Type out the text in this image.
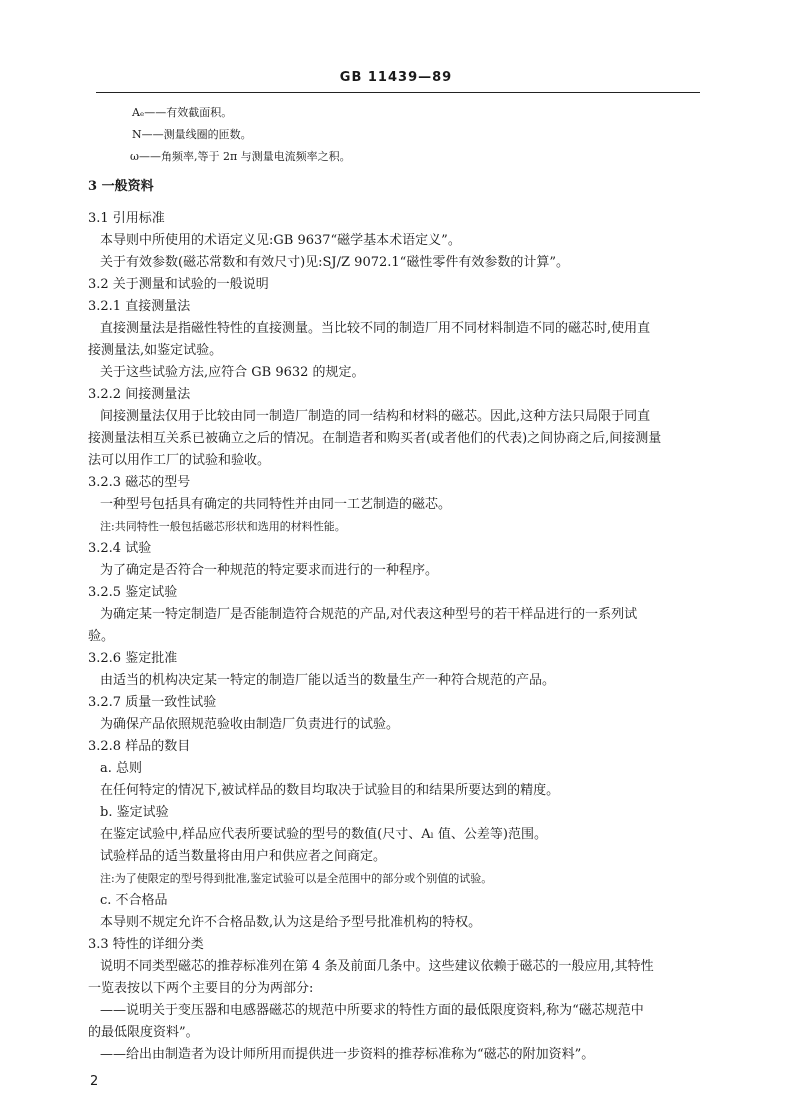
GB 11439—89
Aₑ——有效截面积。
N——测量线圈的匝数。
ω——角频率,等于 2π 与测量电流频率之积。
3 一般资料
3.1 引用标准
本导则中所使用的术语定义见:GB 9637“磁学基本术语定义”。
关于有效参数(磁芯常数和有效尺寸)见:SJ/Z 9072.1“磁性零件有效参数的计算”。
3.2 关于测量和试验的一般说明
3.2.1 直接测量法
直接测量法是指磁性特性的直接测量。当比较不同的制造厂用不同材料制造不同的磁芯时,使用直
接测量法,如鉴定试验。
关于这些试验方法,应符合 GB 9632 的规定。
3.2.2 间接测量法
间接测量法仅用于比较由同一制造厂制造的同一结构和材料的磁芯。因此,这种方法只局限于同直
接测量法相互关系已被确立之后的情况。在制造者和购买者(或者他们的代表)之间协商之后,间接测量
法可以用作工厂的试验和验收。
3.2.3 磁芯的型号
一种型号包括具有确定的共同特性并由同一工艺制造的磁芯。
注:共同特性一般包括磁芯形状和选用的材料性能。
3.2.4 试验
为了确定是否符合一种规范的特定要求而进行的一种程序。
3.2.5 鉴定试验
为确定某一特定制造厂是否能制造符合规范的产品,对代表这种型号的若干样品进行的一系列试
验。
3.2.6 鉴定批准
由适当的机构决定某一特定的制造厂能以适当的数量生产一种符合规范的产品。
3.2.7 质量一致性试验
为确保产品依照规范验收由制造厂负责进行的试验。
3.2.8 样品的数目
a. 总则
在任何特定的情况下,被试样品的数目均取决于试验目的和结果所要达到的精度。
b. 鉴定试验
在鉴定试验中,样品应代表所要试验的型号的数值(尺寸、Aₗ 值、公差等)范围。
试验样品的适当数量将由用户和供应者之间商定。
注:为了使限定的型号得到批准,鉴定试验可以是全范围中的部分或个别值的试验。
c. 不合格品
本导则不规定允许不合格品数,认为这是给予型号批准机构的特权。
3.3 特性的详细分类
说明不同类型磁芯的推荐标准列在第 4 条及前面几条中。这些建议依赖于磁芯的一般应用,其特性
一览表按以下两个主要目的分为两部分:
——说明关于变压器和电感器磁芯的规范中所要求的特性方面的最低限度资料,称为“磁芯规范中
的最低限度资料”。
——给出由制造者为设计师所用而提供进一步资料的推荐标准称为“磁芯的附加资料”。
2
